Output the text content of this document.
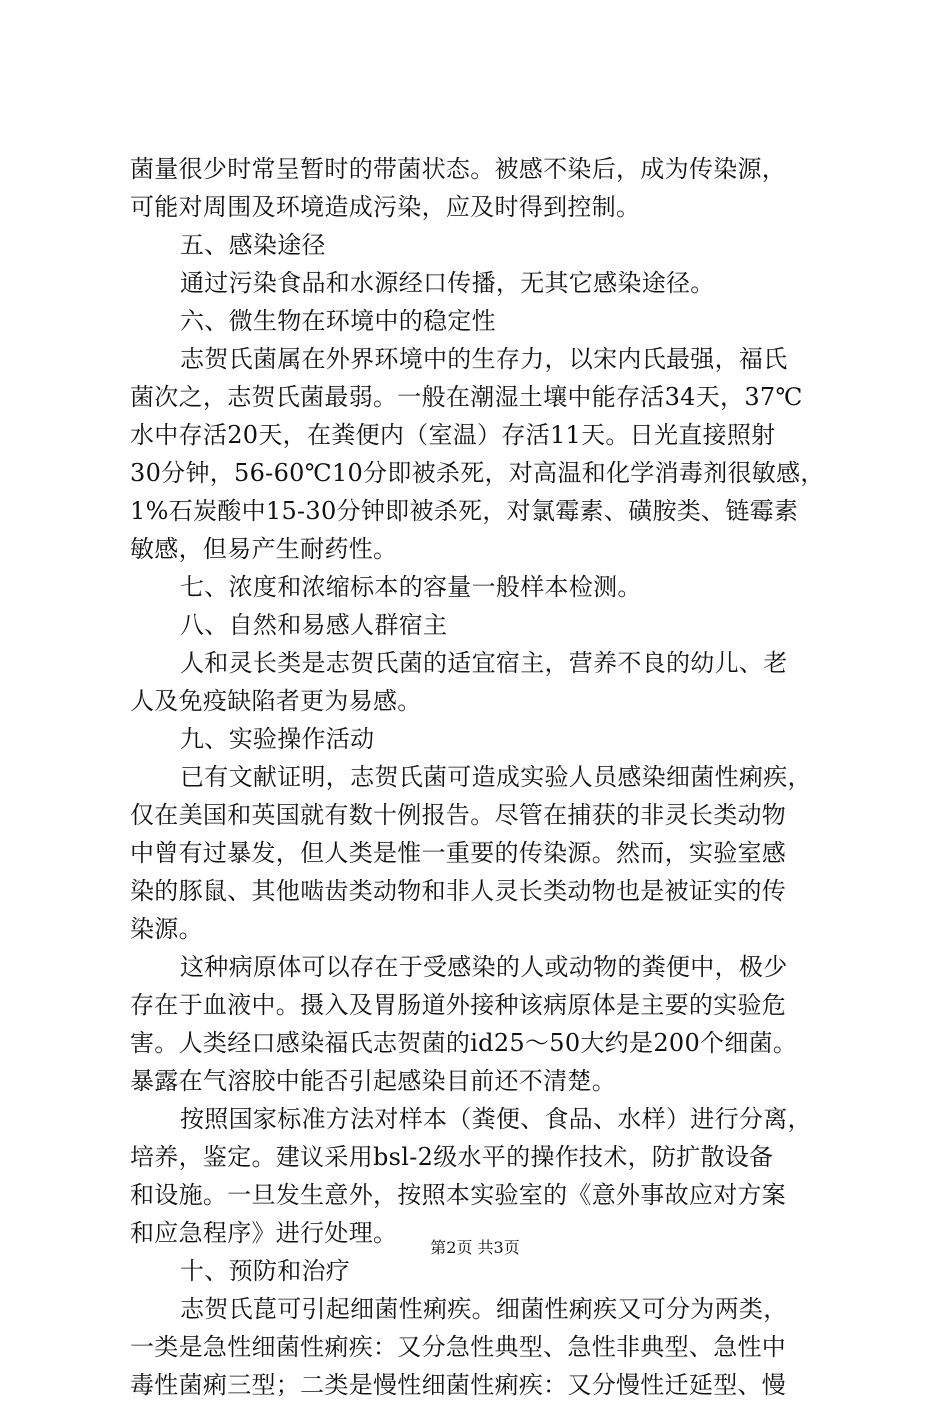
菌量很少时常呈暂时的带菌状态。被感不染后，成为传染源，
可能对周围及环境造成污染，应及时得到控制。
五、感染途径
通过污染食品和水源经口传播，无其它感染途径。
六、微生物在环境中的稳定性
志贺氏菌属在外界环境中的生存力，以宋内氏最强，福氏
菌次之，志贺氏菌最弱。一般在潮湿土壤中能存活34天，37℃
水中存活20天，在粪便内（室温）存活11天。日光直接照射
30分钟，56-60℃10分即被杀死，对高温和化学消毒剂很敏感，
1%石炭酸中15-30分钟即被杀死，对氯霉素、磺胺类、链霉素
敏感，但易产生耐药性。
七、浓度和浓缩标本的容量一般样本检测。
八、自然和易感人群宿主
人和灵长类是志贺氏菌的适宜宿主，营养不良的幼儿、老
人及免疫缺陷者更为易感。
九、实验操作活动
已有文献证明，志贺氏菌可造成实验人员感染细菌性痢疾，
仅在美国和英国就有数十例报告。尽管在捕获的非灵长类动物
中曾有过暴发，但人类是惟一重要的传染源。然而，实验室感
染的豚鼠、其他啮齿类动物和非人灵长类动物也是被证实的传
染源。
这种病原体可以存在于受感染的人或动物的粪便中，极少
存在于血液中。摄入及胃肠道外接种该病原体是主要的实验危
害。人类经口感染福氏志贺菌的id25～50大约是200个细菌。
暴露在气溶胶中能否引起感染目前还不清楚。
按照国家标准方法对样本（粪便、食品、水样）进行分离，
培养，鉴定。建议采用bsl-2级水平的操作技术，防扩散设备
和设施。一旦发生意外，按照本实验室的《意外事故应对方案
和应急程序》进行处理。
十、预防和治疗
志贺氏菎可引起细菌性痢疾。细菌性痢疾又可分为两类，
一类是急性细菌性痢疾：又分急性典型、急性非典型、急性中
毒性菌痢三型；二类是慢性细菌性痢疾：又分慢性迁延型、慢
第2页 共3页
